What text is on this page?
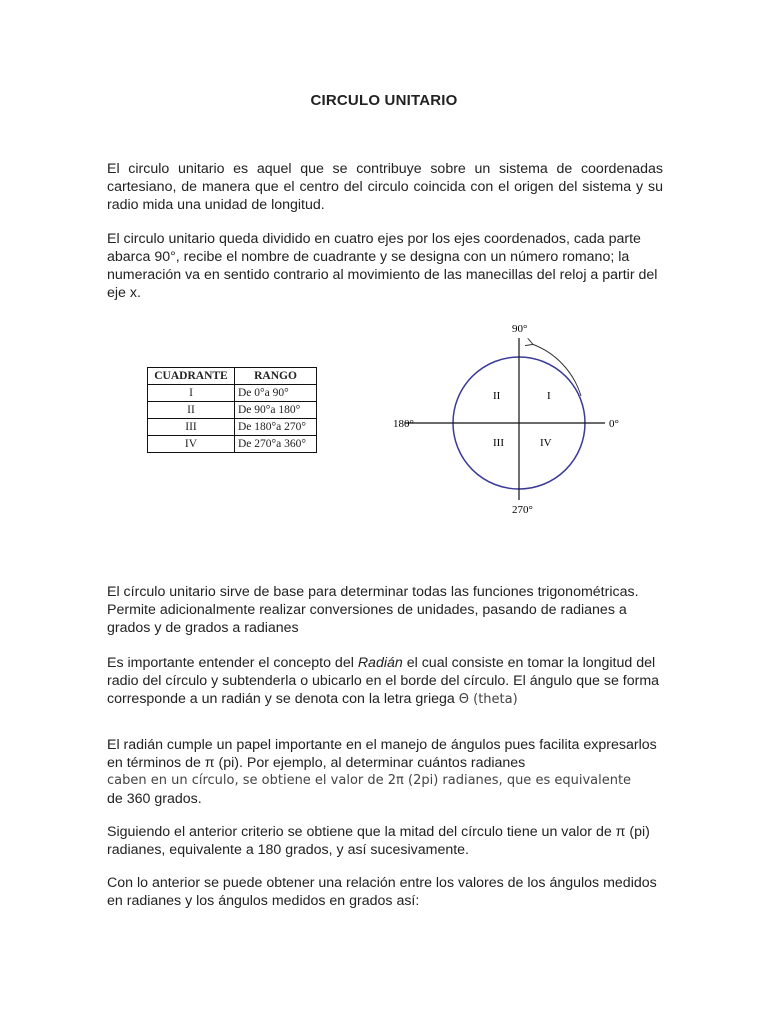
CIRCULO UNITARIO

El circulo unitario es aquel que se contribuye sobre un sistema de coordenadas cartesiano, de manera que el centro del circulo coincida con el origen del sistema y su radio mida una unidad de longitud.

El circulo unitario queda dividido en cuatro ejes por los ejes coordenados, cada parte abarca 90°, recibe el nombre de cuadrante y se designa con un número romano; la numeración va en sentido contrario al movimiento de las manecillas del reloj a partir del eje x.

CUADRANTE	RANGO
I	De 0°a 90°
II	De 90°a 180°
III	De 180°a 270°
IV	De 270°a 360°
90°
270°
180°	0°
I
II
III	IV

El círculo unitario sirve de base para determinar todas las funciones trigonométricas. Permite adicionalmente realizar conversiones de unidades, pasando de radianes a grados y de grados a radianes

Es importante entender el concepto del Radián el cual consiste en tomar la longitud del radio del círculo y subtenderla o ubicarlo en el borde del círculo. El ángulo que se forma corresponde a un radián y se denota con la letra griega Θ (theta)

El radián cumple un papel importante en el manejo de ángulos pues facilita expresarlos en términos de π (pi). Por ejemplo, al determinar cuántos radianes
caben en un círculo, se obtiene el valor de 2π (2pi) radianes, que es equivalente
de 360 grados.

Siguiendo el anterior criterio se obtiene que la mitad del círculo tiene un valor de π (pi) radianes, equivalente a 180 grados, y así sucesivamente.

Con lo anterior se puede obtener una relación entre los valores de los ángulos medidos en radianes y los ángulos medidos en grados así:
